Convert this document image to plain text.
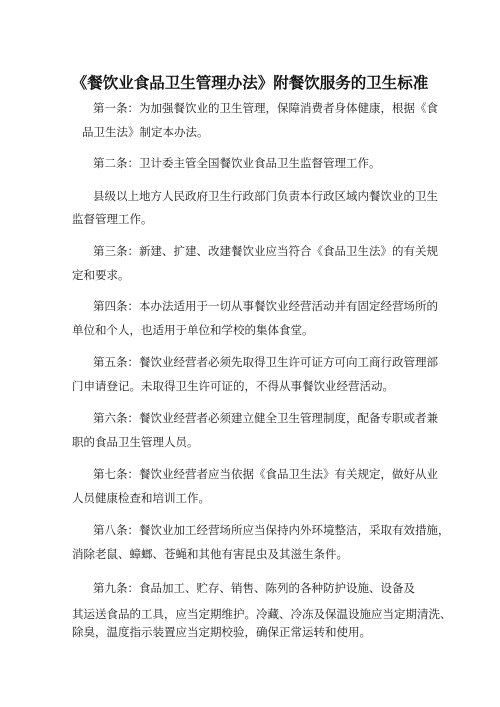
《餐饮业食品卫生管理办法》附餐饮服务的卫生标准
第一条：为加强餐饮业的卫生管理，保障消费者身体健康，根据《食
品卫生法》制定本办法。
第二条：卫计委主管全国餐饮业食品卫生监督管理工作。
县级以上地方人民政府卫生行政部门负责本行政区域内餐饮业的卫生
监督管理工作。
第三条：新建、扩建、改建餐饮业应当符合《食品卫生法》的有关规
定和要求。
第四条：本办法适用于一切从事餐饮业经营活动并有固定经营场所的
单位和个人，也适用于单位和学校的集体食堂。
第五条：餐饮业经营者必须先取得卫生许可证方可向工商行政管理部
门申请登记。未取得卫生许可证的，不得从事餐饮业经营活动。
第六条：餐饮业经营者必须建立健全卫生管理制度，配备专职或者兼
职的食品卫生管理人员。
第七条：餐饮业经营者应当依据《食品卫生法》有关规定，做好从业
人员健康检查和培训工作。
第八条：餐饮业加工经营场所应当保持内外环境整洁，采取有效措施，
消除老鼠、蟑螂、苍蝇和其他有害昆虫及其滋生条件。
第九条：食品加工、贮存、销售、陈列的各种防护设施、设备及
其运送食品的工具，应当定期维护。冷藏、冷冻及保温设施应当定期清洗、
除臭，温度指示装置应当定期校验，确保正常运转和使用。
